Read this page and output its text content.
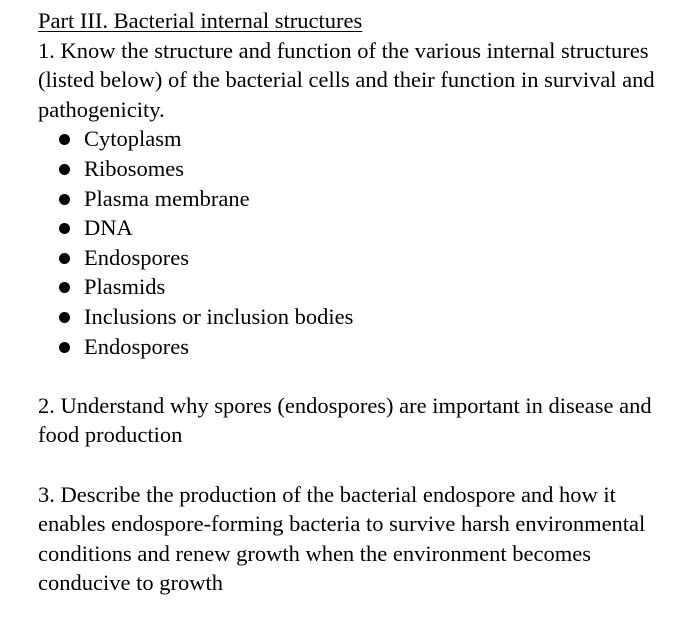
Part III. Bacterial internal structures

1. Know the structure and function of the various internal structures (listed below) of the bacterial cells and their function in survival and pathogenicity.

Cytoplasm
Ribosomes
Plasma membrane
DNA
Endospores
Plasmids
Inclusions or inclusion bodies
Endospores

2. Understand why spores (endospores) are important in disease and food production

3. Describe the production of the bacterial endospore and how it enables endospore-forming bacteria to survive harsh environmental conditions and renew growth when the environment becomes conducive to growth
